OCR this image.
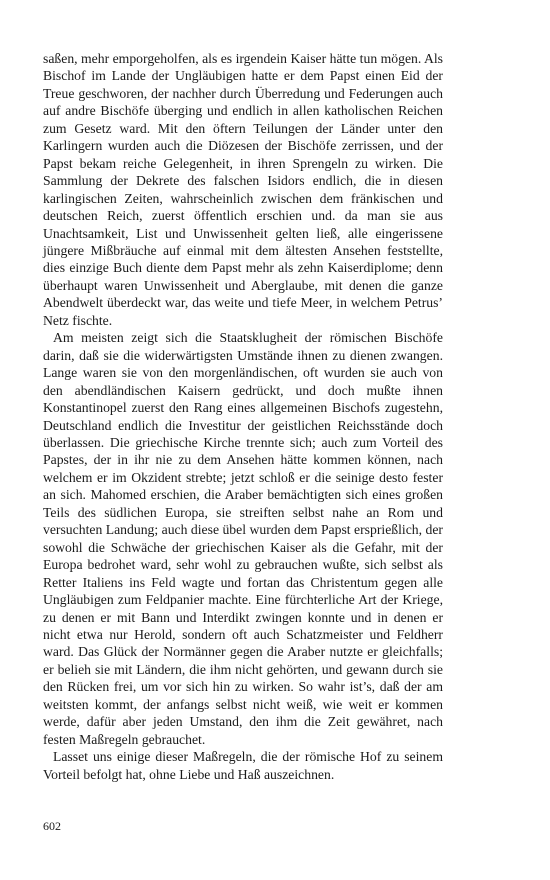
saßen, mehr emporgeholfen, als es irgendein Kaiser hätte tun mögen. Als Bischof im Lande der Ungläubigen hatte er dem Papst einen Eid der Treue geschworen, der nachher durch Überredung und Federungen auch auf andre Bischöfe überging und endlich in allen katholischen Reichen zum Gesetz ward. Mit den öftern Teilungen der Länder unter den Karlingern wurden auch die Diözesen der Bischöfe zerrissen, und der Papst bekam reiche Gelegenheit, in ihren Sprengeln zu wirken. Die Sammlung der Dekrete des falschen Isidors endlich, die in diesen karlingischen Zeiten, wahrscheinlich zwischen dem fränkischen und deutschen Reich, zuerst öffentlich erschien und. da man sie aus Unachtsamkeit, List und Unwissenheit gelten ließ, alle eingerissene jüngere Mißbräuche auf einmal mit dem ältesten Ansehen feststellte, dies einzige Buch diente dem Papst mehr als zehn Kaiserdiplome; denn überhaupt waren Unwissenheit und Aberglaube, mit denen die ganze Abendwelt überdeckt war, das weite und tiefe Meer, in welchem Petrus’ Netz fischte.

Am meisten zeigt sich die Staatsklugheit der römischen Bischöfe darin, daß sie die widerwärtigsten Umstände ihnen zu dienen zwangen. Lange waren sie von den morgenländischen, oft wurden sie auch von den abendländischen Kaisern gedrückt, und doch mußte ihnen Konstantinopel zuerst den Rang eines allgemeinen Bischofs zugestehn, Deutschland endlich die Investitur der geistlichen Reichsstände doch überlassen. Die griechische Kirche trennte sich; auch zum Vorteil des Papstes, der in ihr nie zu dem Ansehen hätte kommen können, nach welchem er im Okzident strebte; jetzt schloß er die seinige desto fester an sich. Mahomed erschien, die Araber bemächtigten sich eines großen Teils des südlichen Europa, sie streiften selbst nahe an Rom und versuchten Landung; auch diese übel wurden dem Papst ersprießlich, der sowohl die Schwäche der griechischen Kaiser als die Gefahr, mit der Europa bedrohet ward, sehr wohl zu gebrauchen wußte, sich selbst als Retter Italiens ins Feld wagte und fortan das Christentum gegen alle Ungläubigen zum Feldpanier machte. Eine fürchterliche Art der Kriege, zu denen er mit Bann und Interdikt zwingen konnte und in denen er nicht etwa nur Herold, sondern oft auch Schatzmeister und Feldherr ward. Das Glück der Normänner gegen die Araber nutzte er gleichfalls; er belieh sie mit Ländern, die ihm nicht gehörten, und gewann durch sie den Rücken frei, um vor sich hin zu wirken. So wahr ist’s, daß der am weitsten kommt, der anfangs selbst nicht weiß, wie weit er kommen werde, dafür aber jeden Umstand, den ihm die Zeit gewähret, nach festen Maßregeln gebrauchet.

Lasset uns einige dieser Maßregeln, die der römische Hof zu seinem Vorteil befolgt hat, ohne Liebe und Haß auszeichnen.

602
